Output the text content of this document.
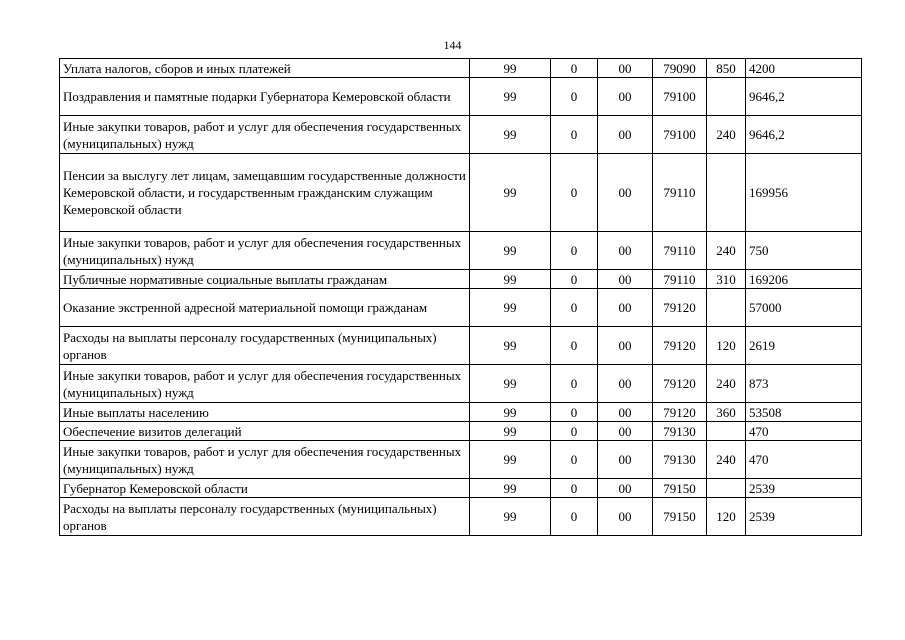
144
Уплата налогов, сборов и иных платежей	99	0	00	79090	850	4200
Поздравления и памятные подарки Губернатора Кемеровской области	99	0	00	79100		9646,2
Иные закупки товаров, работ и услуг для обеспечения государственных (муниципальных) нужд	99	0	00	79100	240	9646,2
Пенсии за выслугу лет лицам, замещавшим государственные должности Кемеровской области, и государственным гражданским служащим Кемеровской области	99	0	00	79110		169956
Иные закупки товаров, работ и услуг для обеспечения государственных (муниципальных) нужд	99	0	00	79110	240	750
Публичные нормативные социальные выплаты гражданам	99	0	00	79110	310	169206
Оказание экстренной адресной материальной помощи гражданам	99	0	00	79120		57000
Расходы на выплаты персоналу государственных (муниципальных) органов	99	0	00	79120	120	2619
Иные закупки товаров, работ и услуг для обеспечения государственных (муниципальных) нужд	99	0	00	79120	240	873
Иные выплаты населению	99	0	00	79120	360	53508
Обеспечение визитов делегаций	99	0	00	79130		470
Иные закупки товаров, работ и услуг для обеспечения государственных (муниципальных) нужд	99	0	00	79130	240	470
Губернатор Кемеровской области	99	0	00	79150		2539
Расходы на выплаты персоналу государственных (муниципальных) органов	99	0	00	79150	120	2539
